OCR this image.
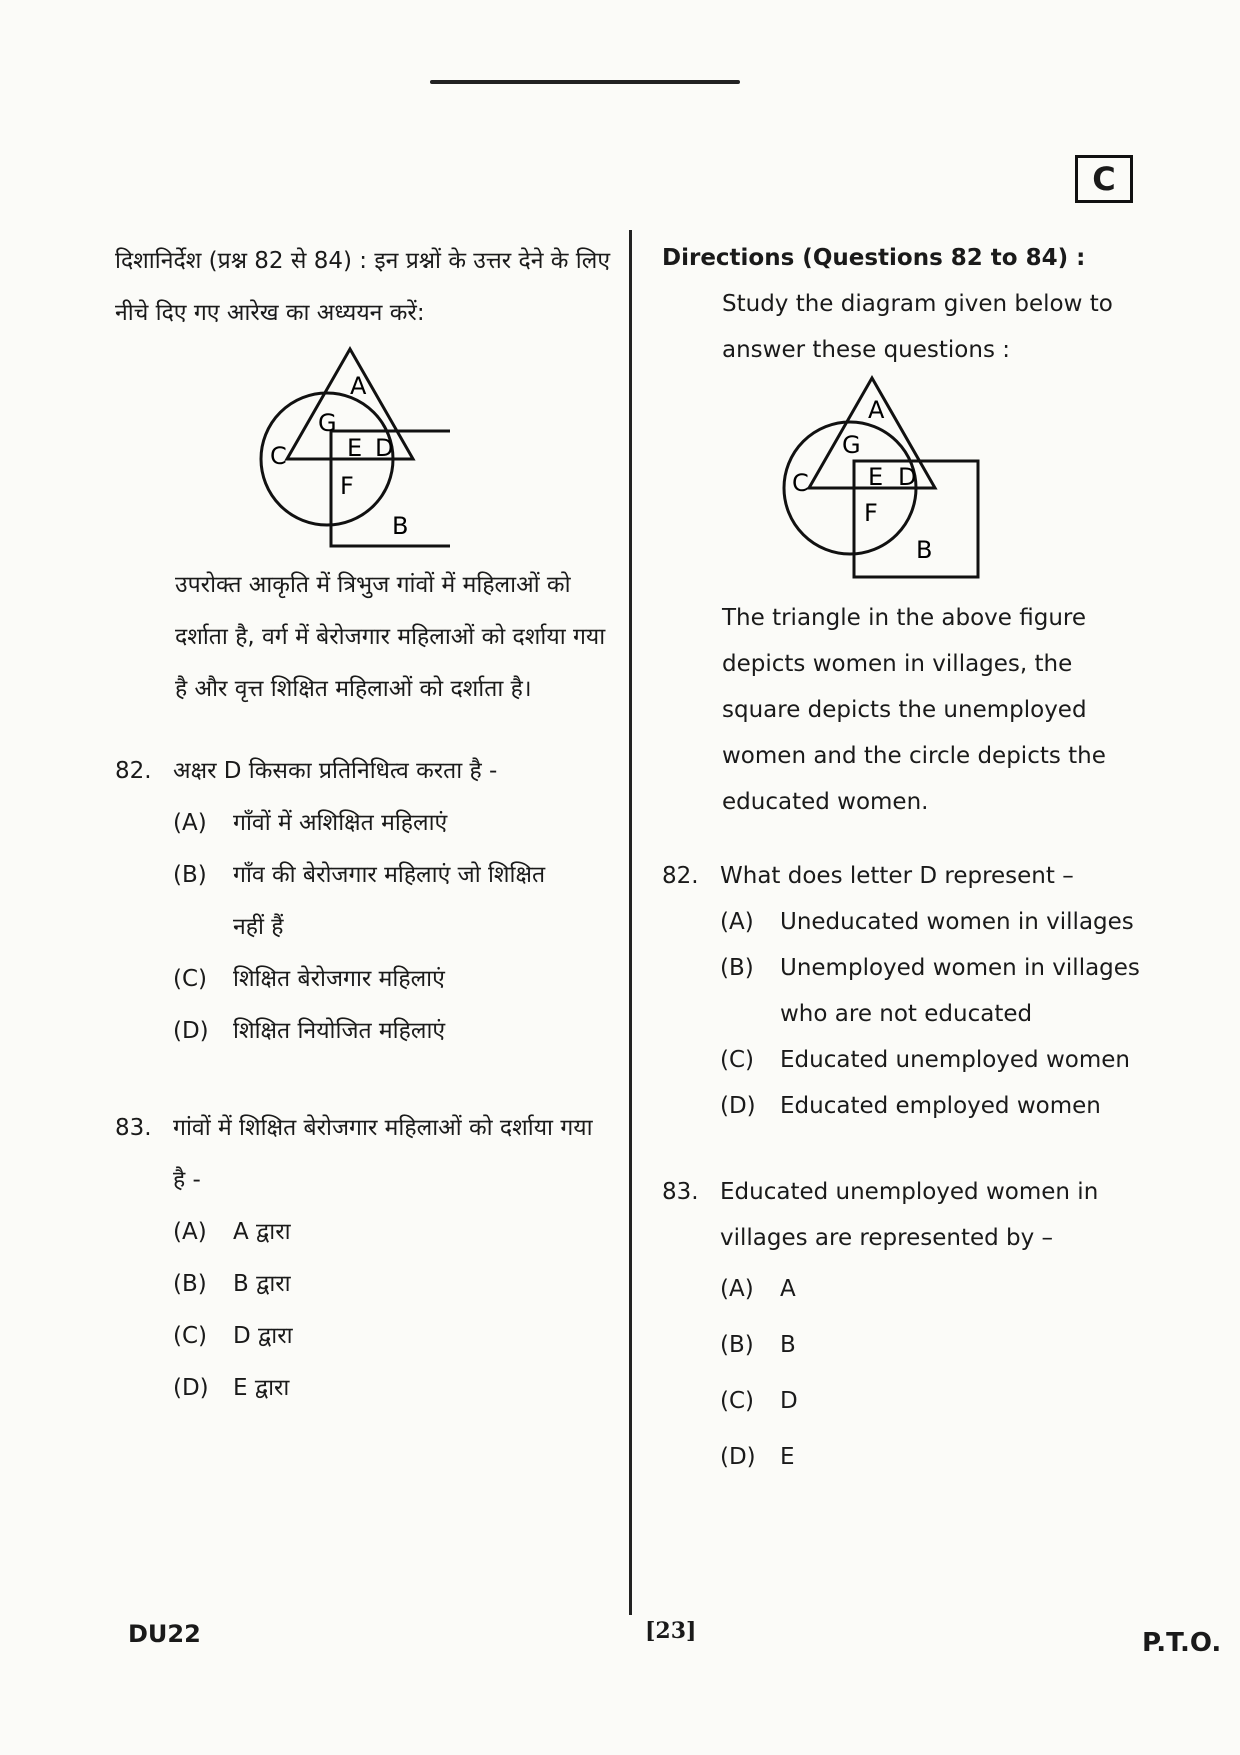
C
दिशानिर्देश (प्रश्न 82 से 84) : इन प्रश्नों के उत्तर देने के लिए नीचे दिए गए आरेख का अध्ययन करें:
A
B
C	D
E
F
G
उपरोक्त आकृति में त्रिभुज गांवों में महिलाओं को दर्शाता है, वर्ग में बेरोजगार महिलाओं को दर्शाया गया है और वृत्त शिक्षित महिलाओं को दर्शाता है।
82. अक्षर D किसका प्रतिनिधित्व करता है -
(A)	गाँवों में अशिक्षित महिलाएं
(B)	गाँव की बेरोजगार महिलाएं जो शिक्षित नहीं हैं
(C)	शिक्षित बेरोजगार महिलाएं
(D)	शिक्षित नियोजित महिलाएं
83. गांवों में शिक्षित बेरोजगार महिलाओं को दर्शाया गया है -
(A)	A द्वारा
(B)	B द्वारा
(C)	D द्वारा
(D)	E द्वारा
Directions (Questions 82 to 84) :
Study the diagram given below to answer these questions :
A
B
C	D
E
F
G
The triangle in the above figure depicts women in villages, the square depicts the unemployed women and the circle depicts the educated women.
82. What does letter D represent –
(A)	Uneducated women in villages
(B)	Unemployed women in villages who are not educated
(C)	Educated unemployed women
(D)	Educated employed women
83. Educated unemployed women in villages are represented by –
(A)	A
(B)	B
(C)	D
(D)	E
DU22	[23]	P.T.O.
